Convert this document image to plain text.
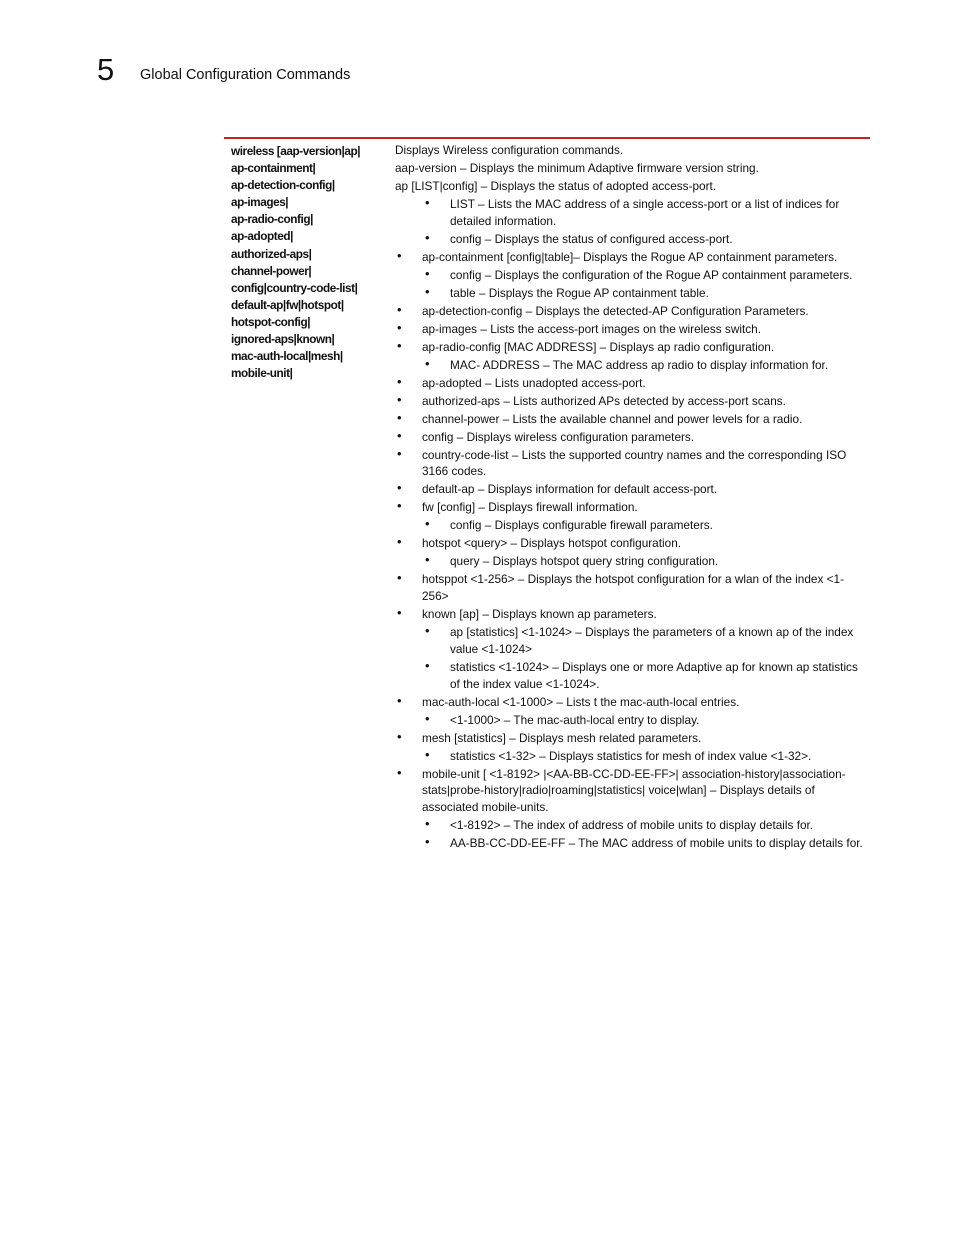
5 Global Configuration Commands
wireless [aap-version|ap|
ap-containment|
ap-detection-config|
ap-images|
ap-radio-config|
ap-adopted|
authorized-aps|
channel-power|
config|country-code-list|
default-ap|fw|hotspot|
hotspot-config|
ignored-aps|known|
mac-auth-local|mesh|
mobile-unit|
Displays Wireless configuration commands.
aap-version – Displays the minimum Adaptive firmware version string.
ap [LIST|config] – Displays the status of adopted access-port.
• LIST – Lists the MAC address of a single access-port or a list of indices for detailed information.
• config – Displays the status of configured access-port.
• ap-containment [config|table]– Displays the Rogue AP containment parameters.
• config – Displays the configuration of the Rogue AP containment parameters.
• table – Displays the Rogue AP containment table.
• ap-detection-config – Displays the detected-AP Configuration Parameters.
• ap-images – Lists the access-port images on the wireless switch.
• ap-radio-config [MAC ADDRESS] – Displays ap radio configuration.
• MAC- ADDRESS – The MAC address ap radio to display information for.
• ap-adopted – Lists unadopted access-port.
• authorized-aps – Lists authorized APs detected by access-port scans.
• channel-power – Lists the available channel and power levels for a radio.
• config – Displays wireless configuration parameters.
• country-code-list – Lists the supported country names and the corresponding ISO 3166 codes.
• default-ap – Displays information for default access-port.
• fw [config] – Displays firewall information.
• config – Displays configurable firewall parameters.
• hotspot <query> – Displays hotspot configuration.
• query – Displays hotspot query string configuration.
• hotsppot <1-256> – Displays the hotspot configuration for a wlan of the index <1-256>
• known [ap] – Displays known ap parameters.
• ap [statistics] <1-1024> – Displays the parameters of a known ap of the index value <1-1024>
• statistics <1-1024> – Displays one or more Adaptive ap for known ap statistics of the index value <1-1024>.
• mac-auth-local <1-1000> – Lists t the mac-auth-local entries.
• <1-1000> – The mac-auth-local entry to display.
• mesh [statistics] – Displays mesh related parameters.
• statistics <1-32> – Displays statistics for mesh of index value <1-32>.
• mobile-unit [ <1-8192> |<AA-BB-CC-DD-EE-FF>| association-history|association-stats|probe-history|radio|roaming|statistics| voice|wlan] – Displays details of associated mobile-units.
• <1-8192> – The index of address of mobile units to display details for.
• AA-BB-CC-DD-EE-FF – The MAC address of mobile units to display details for.
